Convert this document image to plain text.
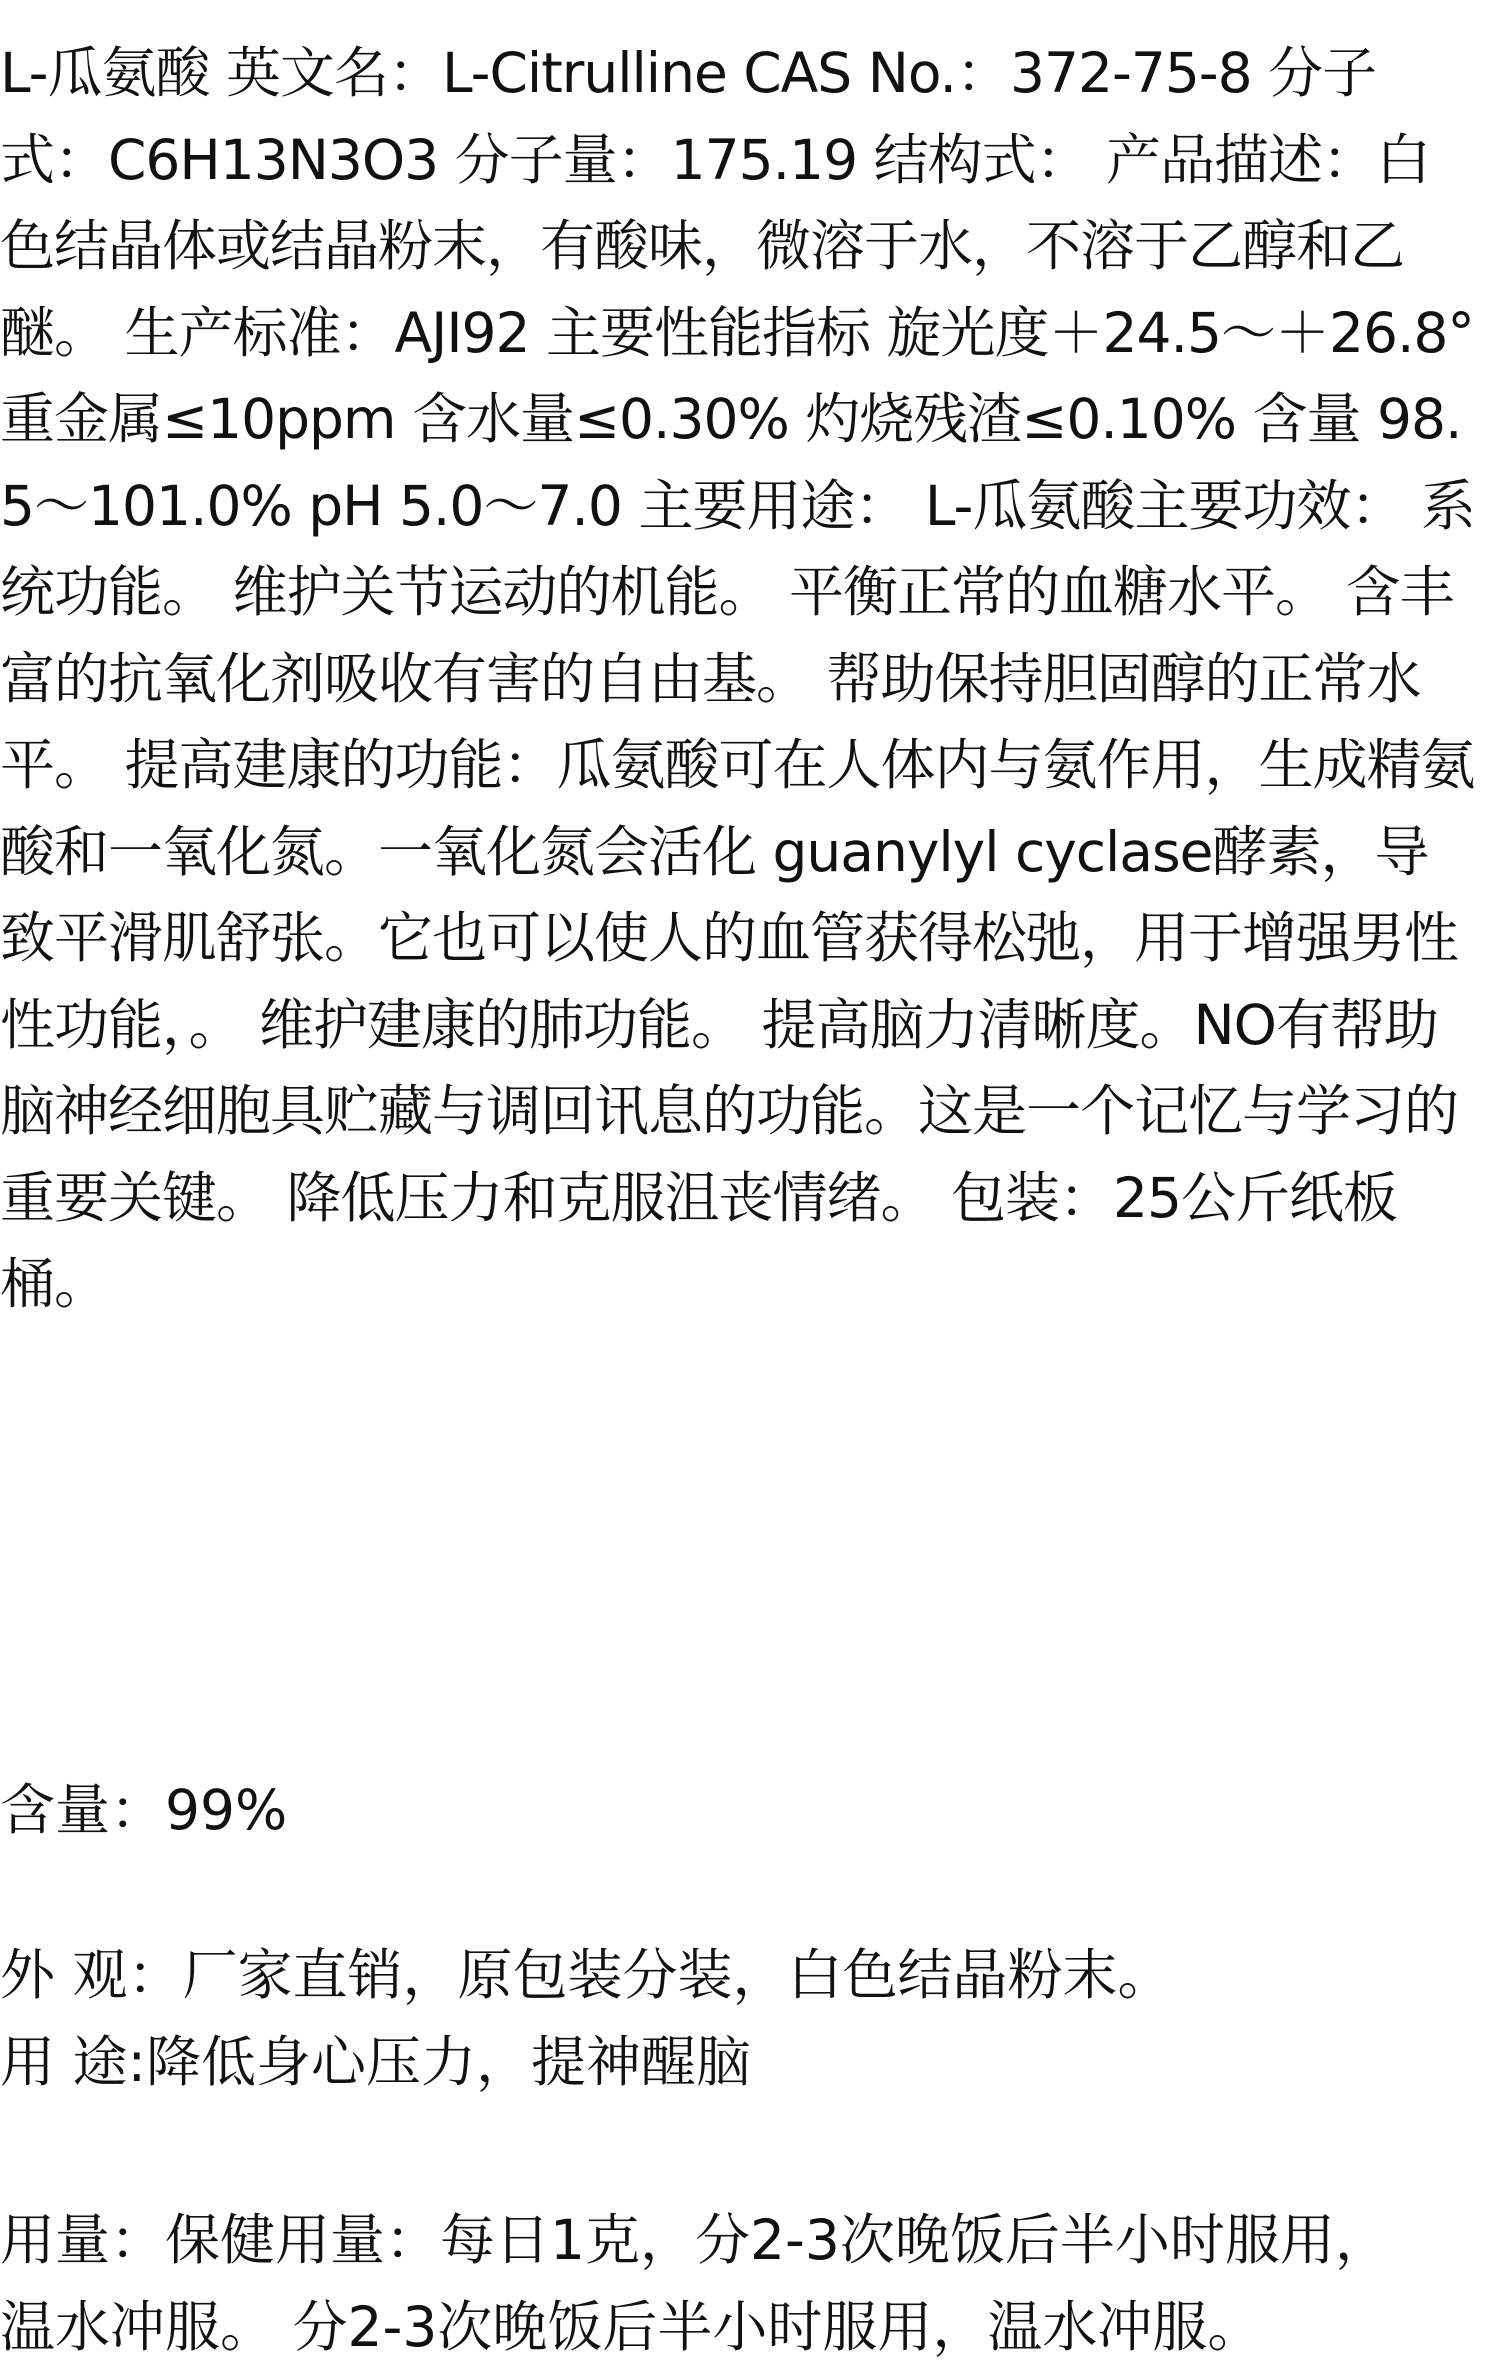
L-瓜氨酸 英文名：L-Citrulline CAS No.：372-75-8 分子式：C6H13N3O3 分子量：175.19 结构式： 产品描述：白色结晶体或结晶粉末，有酸味，微溶于水，不溶于乙醇和乙醚。 生产标准：AJI92 主要性能指标 旋光度＋24.5～＋26.8° 重金属≤10ppm 含水量≤0.30% 灼烧残渣≤0.10% 含量 98.5～101.0% pH 5.0～7.0 主要用途： L-瓜氨酸主要功效： 系统功能。 维护关节运动的机能。 平衡正常的血糖水平。 含丰富的抗氧化剂吸收有害的自由基。 帮助保持胆固醇的正常水平。 提高建康的功能：瓜氨酸可在人体内与氨作用，生成精氨酸和一氧化氮。一氧化氮会活化 guanylyl cyclase酵素，导致平滑肌舒张。它也可以使人的血管获得松弛，用于增强男性性功能，。 维护建康的肺功能。 提高脑力清晰度。NO有帮助脑神经细胞具贮藏与调回讯息的功能。这是一个记忆与学习的重要关键。 降低压力和克服沮丧情绪。 包装：25公斤纸板桶。
含量：99%
外 观：厂家直销，原包装分装，白色结晶粉末。
用 途:降低身心压力，提神醒脑
用量：保健用量：每日1克，分2-3次晚饭后半小时服用，
温水冲服。 分2-3次晚饭后半小时服用，温水冲服。
